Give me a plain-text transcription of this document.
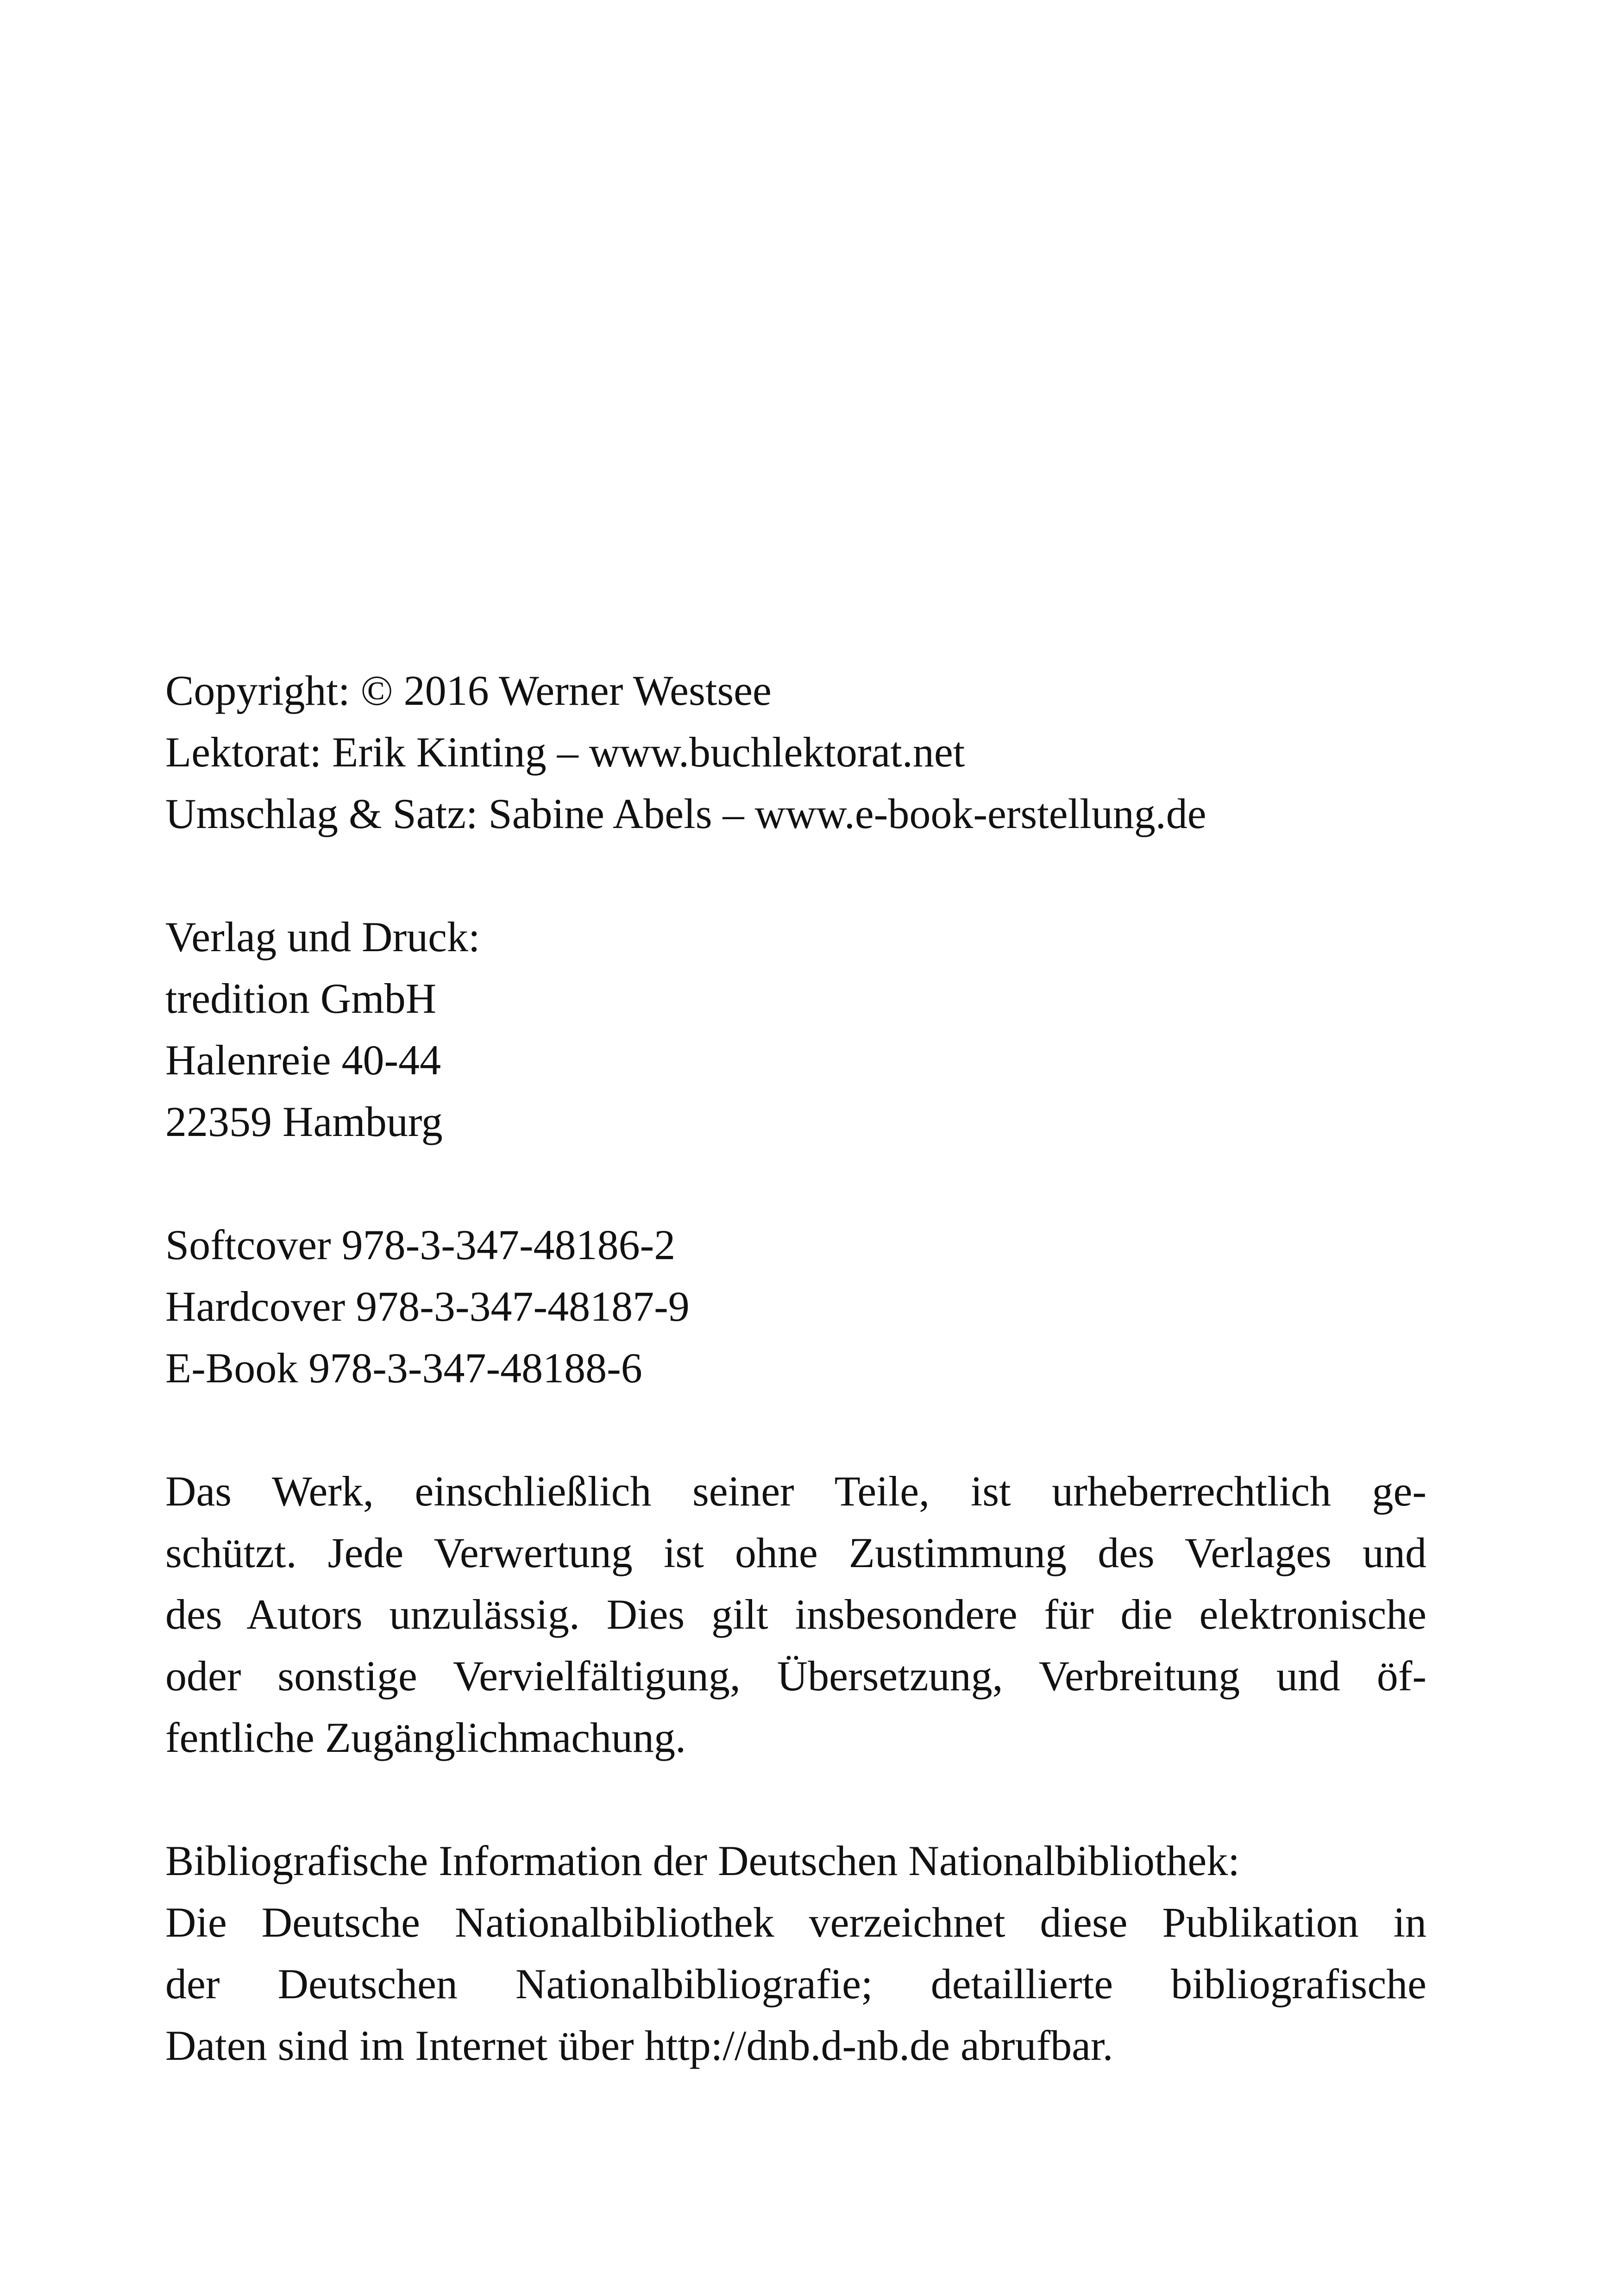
Copyright: © 2016 Werner Westsee
Lektorat: Erik Kinting – www.buchlektorat.net
Umschlag & Satz: Sabine Abels – www.e-book-erstellung.de
Verlag und Druck:
tredition GmbH
Halenreie 40-44
22359 Hamburg
Softcover 978-3-347-48186-2
Hardcover 978-3-347-48187-9
E-Book 978-3-347-48188-6
Das Werk, einschließlich seiner Teile, ist urheberrechtlich ge-
schützt. Jede Verwertung ist ohne Zustimmung des Verlages und
des Autors unzulässig. Dies gilt insbesondere für die elektronische
oder sonstige Vervielfältigung, Übersetzung, Verbreitung und öf-
fentliche Zugänglichmachung.
Bibliografische Information der Deutschen Nationalbibliothek:
Die Deutsche Nationalbibliothek verzeichnet diese Publikation in
der Deutschen Nationalbibliografie; detaillierte bibliografische
Daten sind im Internet über http://dnb.d-nb.de abrufbar.
